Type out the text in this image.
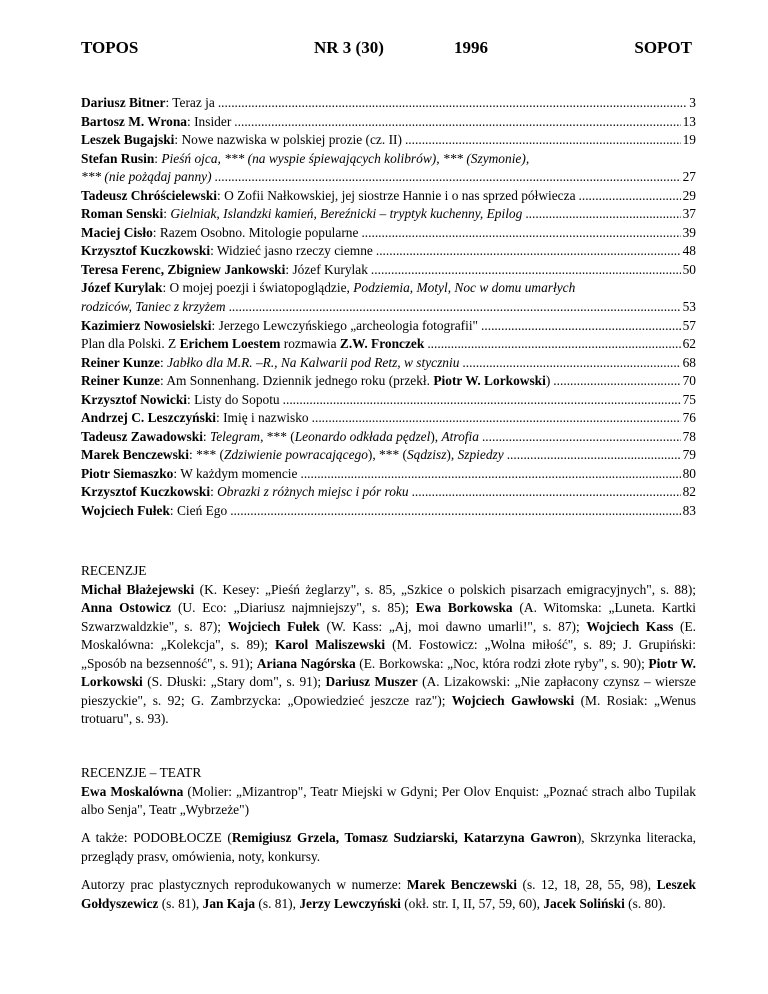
TOPOS	NR 3 (30)	1996	SOPOT
Dariusz Bitner: Teraz ja .....	3
Bartosz M. Wrona: Insider .....	13
Leszek Bugajski: Nowe nazwiska w polskiej prozie (cz. II) .....	19
Stefan Rusin: Pieśń ojca, *** (na wyspie śpiewających kolibrów), *** (Szymonie),
*** (nie pożądaj panny) .....	27
Tadeusz Chróścielewski: O Zofii Nałkowskiej, jej siostrze Hannie i o nas sprzed półwiecza .....	29
Roman Senski: Gielniak, Islandzki kamień, Bereźnicki – tryptyk kuchenny, Epilog .....	37
Maciej Cisło: Razem Osobno. Mitologie popularne .....	39
Krzysztof Kuczkowski: Widzieć jasno rzeczy ciemne .....	48
Teresa Ferenc, Zbigniew Jankowski: Józef Kurylak .....	50
Józef Kurylak: O mojej poezji i światopoglądzie, Podziemia, Motyl, Noc w domu umarłych
rodziców, Taniec z krzyżem .....	53
Kazimierz Nowosielski: Jerzego Lewczyńskiego „archeologia fotografii" .....	57
Plan dla Polski. Z Erichem Loestem rozmawia Z.W. Fronczek .....	62
Reiner Kunze: Jabłko dla M.R. –R., Na Kalwarii pod Retz, w styczniu .....	68
Reiner Kunze: Am Sonnenhang. Dziennik jednego roku (przekł. Piotr W. Lorkowski) .....	70
Krzysztof Nowicki: Listy do Sopotu .....	75
Andrzej C. Leszczyński: Imię i nazwisko .....	76
Tadeusz Zawadowski: Telegram, *** (Leonardo odkłada pędzel), Atrofia .....	78
Marek Benczewski: *** (Zdziwienie powracającego), *** (Sądzisz), Szpiedzy .....	79
Piotr Siemaszko: W każdym momencie .....	80
Krzysztof Kuczkowski: Obrazki z różnych miejsc i pór roku .....	82
Wojciech Fułek: Cień Ego .....	83
RECENZJE
Michał Błażejewski (K. Kesey: „Pieśń żeglarzy", s. 85, „Szkice o polskich pisarzach emigracyjnych", s. 88); Anna Ostowicz (U. Eco: „Diariusz najmniejszy", s. 85); Ewa Borkowska (A. Witomska: „Luneta. Kartki Szwarzwaldzkie", s. 87); Wojciech Fułek (W. Kass: „Aj, moi dawno umarli!", s. 87); Wojciech Kass (E. Moskalówna: „Kolekcja", s. 89); Karol Maliszewski (M. Fostowicz: „Wolna miłość", s. 89; J. Grupiński: „Sposób na bezsenność", s. 91); Ariana Nagórska (E. Borkowska: „Noc, która rodzi złote ryby", s. 90); Piotr W. Lorkowski (S. Dłuski: „Stary dom", s. 91); Dariusz Muszer (A. Lizakowski: „Nie zapłacony czynsz – wiersze pieszyckie", s. 92; G. Zambrzycka: „Opowiedzieć jeszcze raz"); Wojciech Gawłowski (M. Rosiak: „Wenus trotuaru", s. 93).
RECENZJE – TEATR
Ewa Moskalówna (Molier: „Mizantrop", Teatr Miejski w Gdyni; Per Olov Enquist: „Poznać strach albo Tupilak albo Senja", Teatr „Wybrzeże")
A także: PODOBŁOCZE (Remigiusz Grzela, Tomasz Sudziarski, Katarzyna Gawron), Skrzynka literacka, przeglądy prasv, omówienia, noty, konkursy.
Autorzy prac plastycznych reprodukowanych w numerze: Marek Benczewski (s. 12, 18, 28, 55, 98), Leszek Gołdyszewicz (s. 81), Jan Kaja (s. 81), Jerzy Lewczyński (okł. str. I, II, 57, 59, 60), Jacek Soliński (s. 80).
